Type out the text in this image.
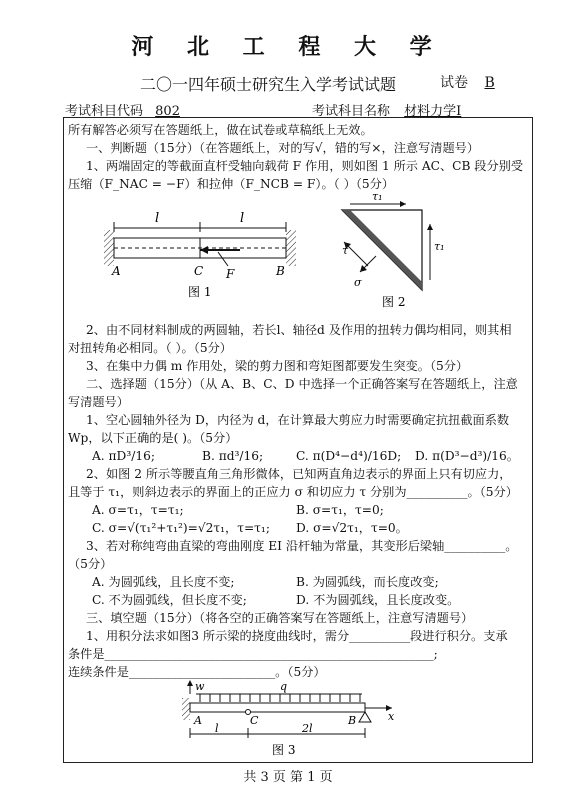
河 北 工 程 大 学
二〇一四年硕士研究生入学考试试题	试卷 B
考试科目代码 802	考试科目名称 材料力学Ⅰ
所有解答必须写在答题纸上，做在试卷或草稿纸上无效。
一、判断题（15分）（在答题纸上，对的写√，错的写×，注意写清题号）
1、两端固定的等截面直杆受轴向载荷 F 作用，则如图 1 所示 AC、CB 段分别受
压缩（F_NAC = −F）和拉伸（F_NCB = F）。（ ）（5分）
l	l
A	C F	B
图 1
τ₁
τ₁
τ
σ
图 2
2、由不同材料制成的两圆轴，若长l、轴径d 及作用的扭转力偶均相同，则其相
对扭转角必相同。（ ）。（5分）
3、在集中力偶 m 作用处，梁的剪力图和弯矩图都要发生突变。（5分）
二、选择题（15分）（从 A、B、C、D 中选择一个正确答案写在答题纸上，注意
写清题号）
1、空心圆轴外径为 D，内径为 d，在计算最大剪应力时需要确定抗扭截面系数
Wp，以下正确的是( )。（5分）
A. πD³/16;	B. πd³/16;	C. π(D⁴−d⁴)/16D; D. π(D³−d³)/16。
2、如图 2 所示等腰直角三角形微体，已知两直角边表示的界面上只有切应力，
且等于 τ₁，则斜边表示的界面上的正应力 σ 和切应力 τ 分别为__________。（5分）
A. σ=τ₁，τ=τ₁;	B. σ=τ₁，τ=0;
C. σ=√(τ₁²+τ₁²)=√2τ₁，τ=τ₁; D. σ=√2τ₁，τ=0。
3、若对称纯弯曲直梁的弯曲刚度 EI 沿杆轴为常量，其变形后梁轴__________。
（5分）
A. 为圆弧线，且长度不变;	B. 为圆弧线，而长度改变;
C. 不为圆弧线，但长度不变;	D. 不为圆弧线，且长度改变。
三、填空题（15分）（将各空的正确答案写在答题纸上，注意写清题号）
1、用积分法求如图3 所示梁的挠度曲线时，需分__________段进行积分。支承
条件是______________________________________________________;
连续条件是________________________。（5分）
w	q
x
A	C	B
l	2l
图 3
共 3 页 第 1 页
